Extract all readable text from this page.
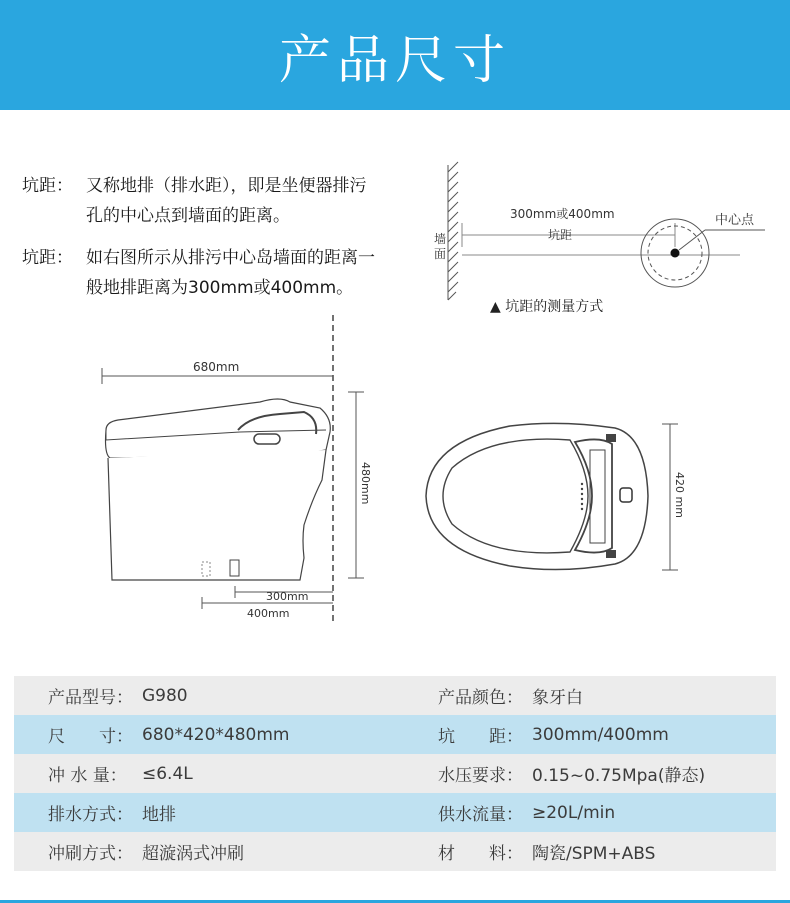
产品尺寸
坑距： 又称地排（排水距），即是坐便器排污
孔的中心点到墙面的距离。
坑距： 如右图所示从排污中心岛墙面的距离一
般地排距离为300mm或400mm。
300mm或400mm
坑距
中心点
墙
面
▲ 坑距的测量方式
680mm
480mm
300mm
400mm
420 mm
产品型号： G980	产品颜色： 象牙白
尺　　寸： 680*420*480mm	坑　　距： 300mm/400mm
冲 水 量： ≤6.4L	水压要求： 0.15~0.75Mpa(静态)
排水方式： 地排	供水流量： ≥20L/min
冲刷方式： 超漩涡式冲刷	材　　料： 陶瓷/SPM+ABS
